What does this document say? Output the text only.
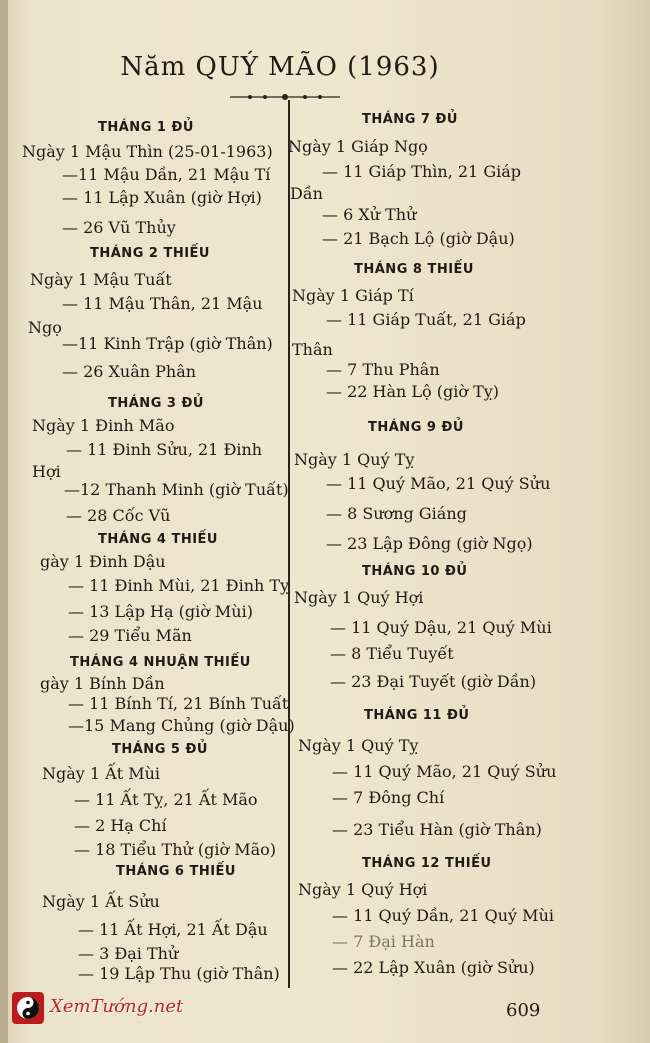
Năm QUÝ MÃO (1963)
THÁNG 1 ĐỦ
Ngày 1 Mậu Thìn (25-01-1963)
—11 Mậu Dần, 21 Mậu Tí
— 11 Lập Xuân (giờ Hợi)
— 26 Vũ Thủy
THÁNG 2 THIẾU
Ngày 1 Mậu Tuất
— 11 Mậu Thân, 21 Mậu
Ngọ
—11 Kinh Trập (giờ Thân)
— 26 Xuân Phân
THÁNG 3 ĐỦ
Ngày 1 Đinh Mão
— 11 Đinh Sửu, 21 Đinh
Hợi
—12 Thanh Minh (giờ Tuất)
— 28 Cốc Vũ
THÁNG 4 THIẾU
gày 1 Đinh Dậu
— 11 Đinh Mùi, 21 Đinh Tỵ
— 13 Lập Hạ (giờ Mùi)
— 29 Tiểu Mãn
THÁNG 4 NHUẬN THIẾU
gày 1 Bính Dần
— 11 Bính Tí, 21 Bính Tuất
—15 Mang Chủng (giờ Dậu)
THÁNG 5 ĐỦ
Ngày 1 Ất Mùi
— 11 Ất Tỵ, 21 Ất Mão
— 2 Hạ Chí
— 18 Tiểu Thử (giờ Mão)
THÁNG 6 THIẾU
Ngày 1 Ất Sửu
— 11 Ất Hợi, 21 Ất Dậu
— 3 Đại Thử
— 19 Lập Thu (giờ Thân)
THÁNG 7 ĐỦ
Ngày 1 Giáp Ngọ
— 11 Giáp Thìn, 21 Giáp
Dần
— 6 Xử Thử
— 21 Bạch Lộ (giờ Dậu)
THÁNG 8 THIẾU
Ngày 1 Giáp Tí
— 11 Giáp Tuất, 21 Giáp
Thân
— 7 Thu Phân
— 22 Hàn Lộ (giờ Tỵ)
THÁNG 9 ĐỦ
Ngày 1 Quý Tỵ
— 11 Quý Mão, 21 Quý Sửu
— 8 Sương Giáng
— 23 Lập Đông (giờ Ngọ)
THÁNG 10 ĐỦ
Ngày 1 Quý Hợi
— 11 Quý Dậu, 21 Quý Mùi
— 8 Tiểu Tuyết
— 23 Đại Tuyết (giờ Dần)
THÁNG 11 ĐỦ
Ngày 1 Quý Tỵ
— 11 Quý Mão, 21 Quý Sửu
— 7 Đông Chí
— 23 Tiểu Hàn (giờ Thân)
THÁNG 12 THIẾU
Ngày 1 Quý Hợi
— 11 Quý Dần, 21 Quý Mùi
— 7 Đại Hàn
— 22 Lập Xuân (giờ Sửu)
XemTướng.net	609
